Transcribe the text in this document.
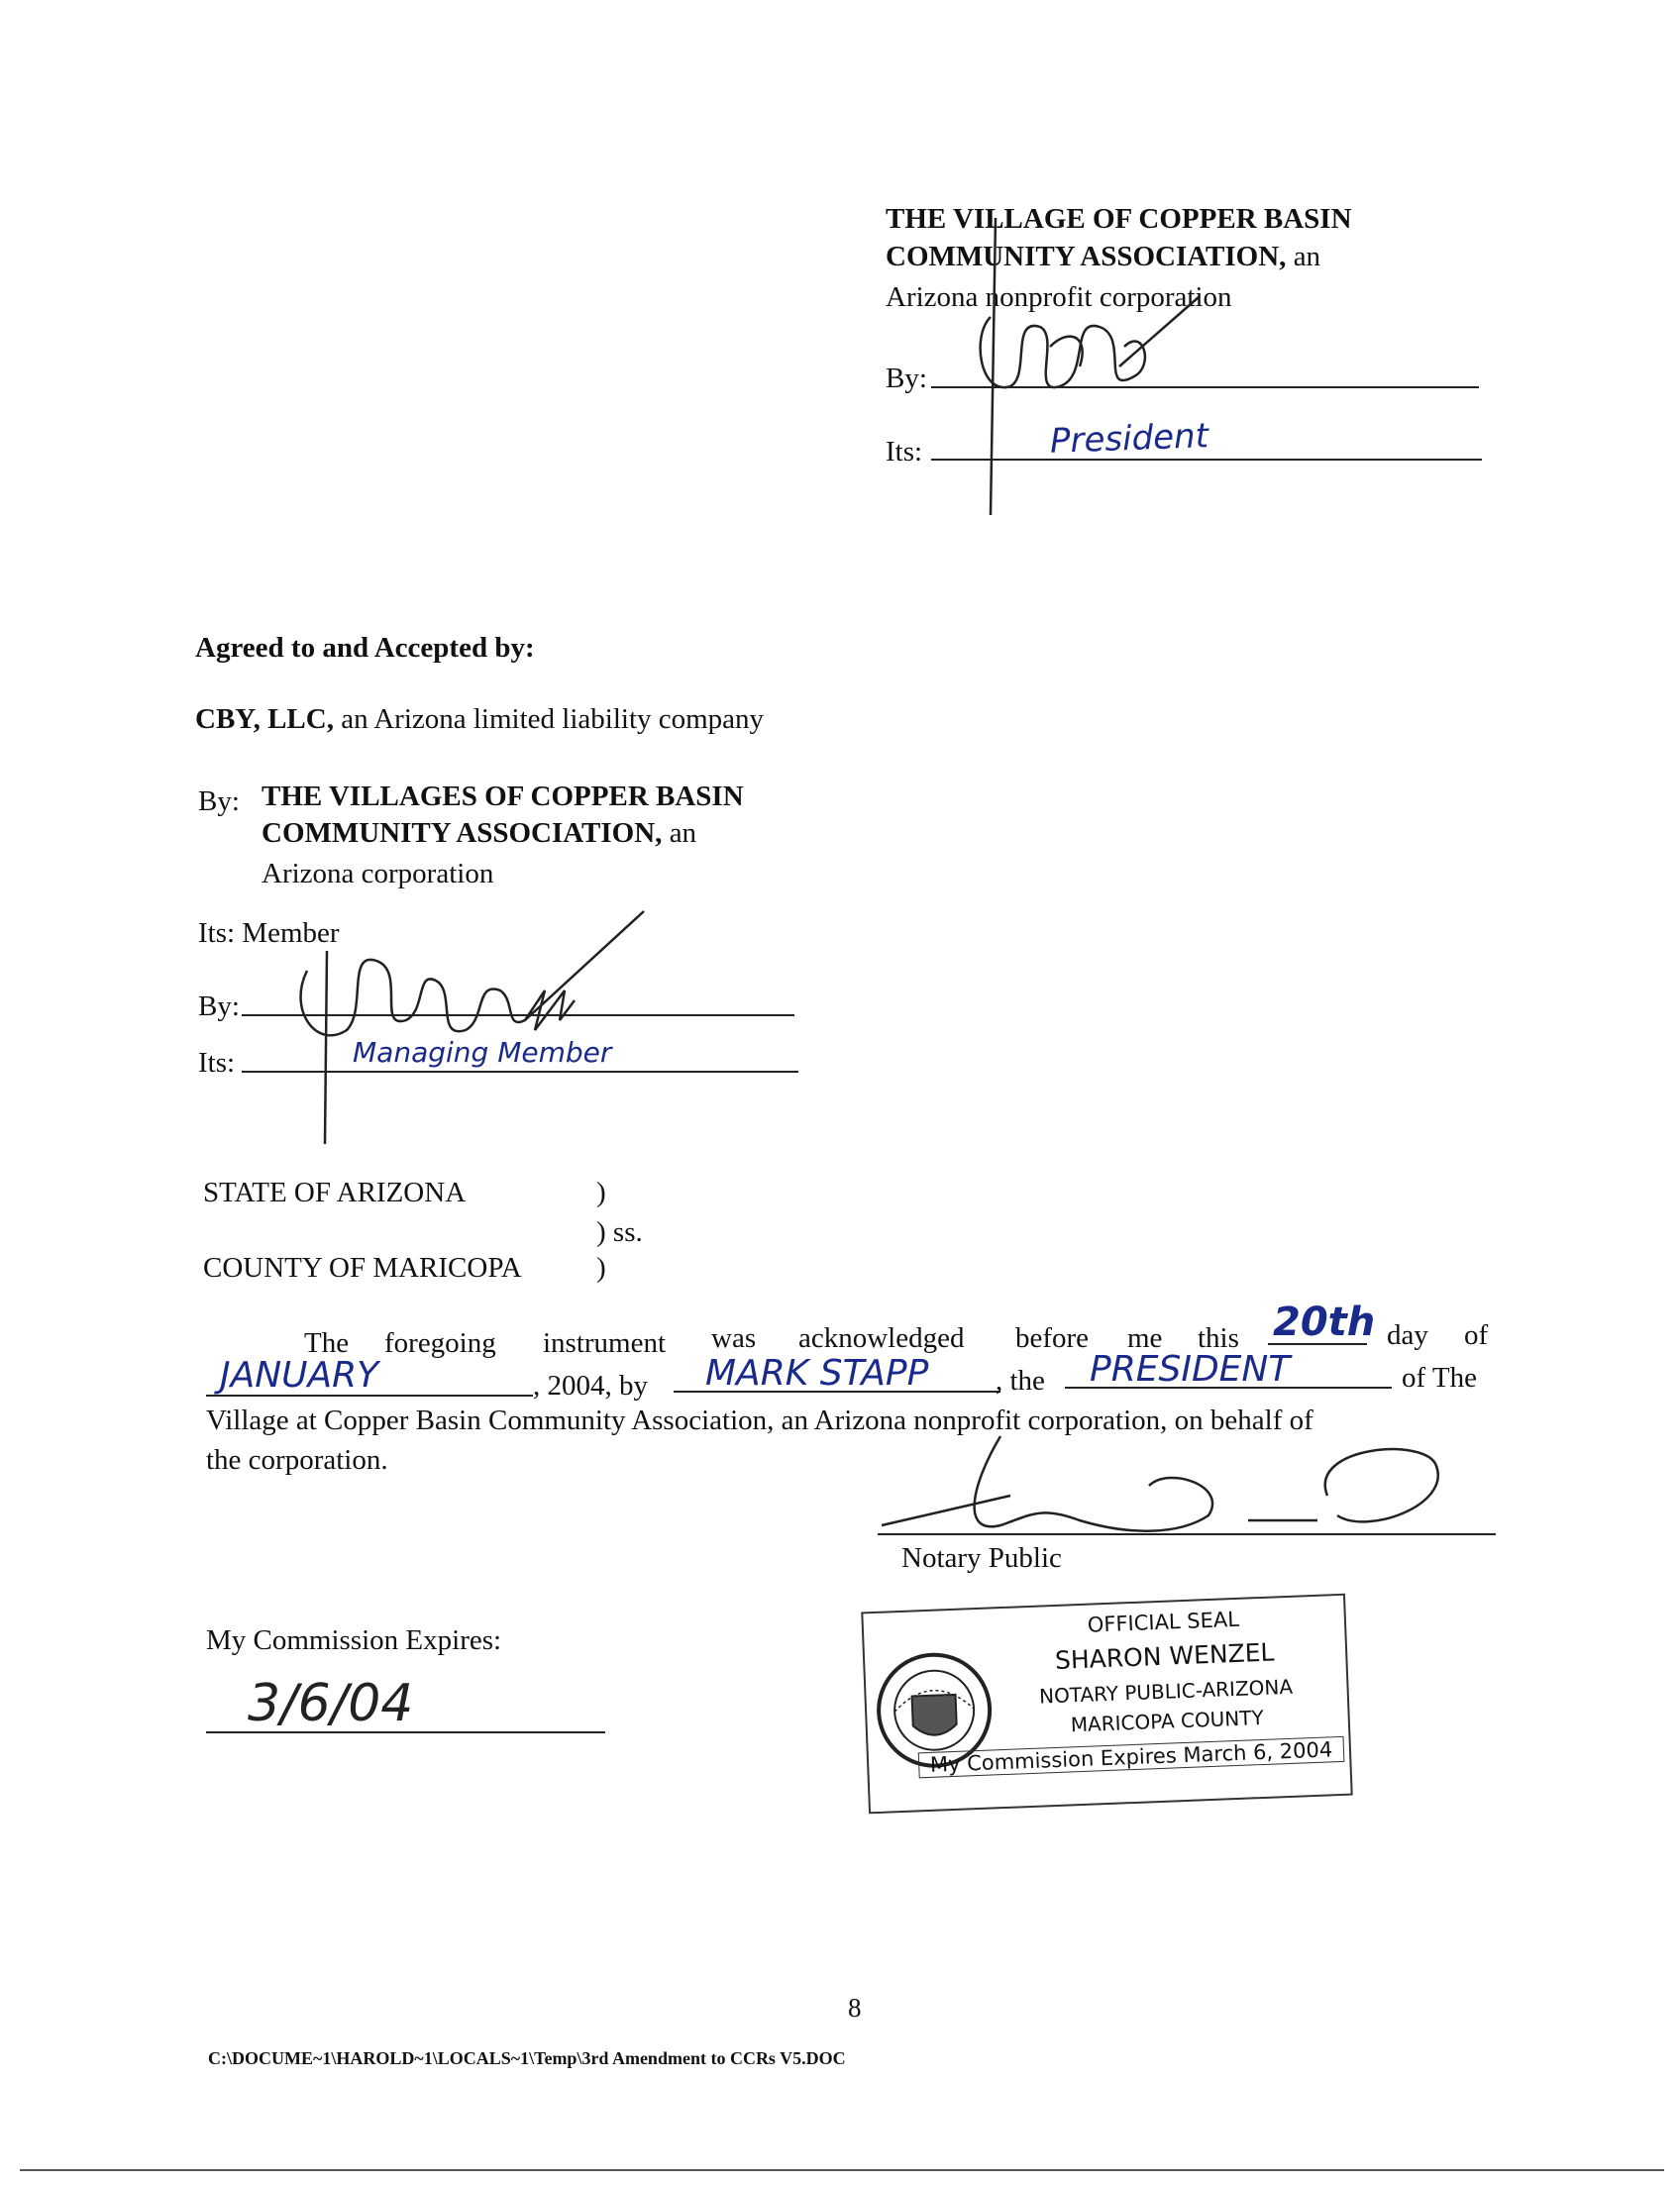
THE VILLAGE OF COPPER BASIN
COMMUNITY ASSOCIATION, an
Arizona nonprofit corporation
By:
Its:	President
Agreed to and Accepted by:
CBY, LLC, an Arizona limited liability company
By: THE VILLAGES OF COPPER BASIN
COMMUNITY ASSOCIATION, an
Arizona corporation
Its: Member
By:
Its:	Managing Member
STATE OF ARIZONA	)
) ss.
COUNTY OF MARICOPA	)
The foregoing instrument was acknowledged before me this 20th day of
JANUARY	, 2004, by MARK STAPP , the PRESIDENT	of The
Village at Copper Basin Community Association, an Arizona nonprofit corporation, on behalf of
the corporation.
Notary Public
My Commission Expires:
3/6/04
OFFICIAL SEAL
SHARON WENZEL
NOTARY PUBLIC-ARIZONA
MARICOPA COUNTY
My Commission Expires March 6, 2004
8
C:\DOCUME~1\HAROLD~1\LOCALS~1\Temp\3rd Amendment to CCRs V5.DOC
